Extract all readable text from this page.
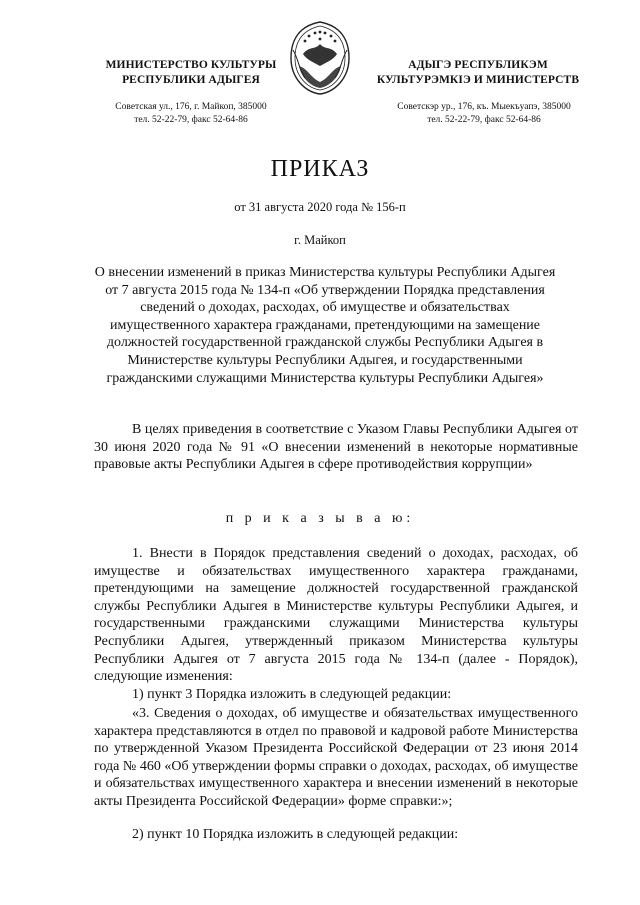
МИНИСТЕРСТВО КУЛЬТУРЫ
РЕСПУБЛИКИ АДЫГЕЯ
АДЫГЭ РЕСПУБЛИКЭМ
КУЛЬТУРЭМКIЭ И МИНИСТЕРСТВ
Советская ул., 176, г. Майкоп, 385000
тел. 52-22-79, факс 52-64-86
Советскэр ур., 176, къ. Мыекъуапэ, 385000
тел. 52-22-79, факс 52-64-86
ПРИКАЗ
от 31 августа 2020 года № 156-п
г. Майкоп
О внесении изменений в приказ Министерства культуры Республики Адыгея от 7 августа 2015 года № 134-п «Об утверждении Порядка представления сведений о доходах, расходах, об имуществе и обязательствах имущественного характера гражданами, претендующими на замещение должностей государственной гражданской службы Республики Адыгея в Министерстве культуры Республики Адыгея, и государственными гражданскими служащими Министерства культуры Республики Адыгея»
В целях приведения в соответствие с Указом Главы Республики Адыгея от 30 июня 2020 года № 91 «О внесении изменений в некоторые нормативные правовые акты Республики Адыгея в сфере противодействия коррупции»
п р и к а з ы в а ю:
1. Внести в Порядок представления сведений о доходах, расходах, об имуществе и обязательствах имущественного характера гражданами, претендующими на замещение должностей государственной гражданской службы Республики Адыгея в Министерстве культуры Республики Адыгея, и государственными гражданскими служащими Министерства культуры Республики Адыгея, утвержденный приказом Министерства культуры Республики Адыгея от 7 августа 2015 года № 134-п (далее - Порядок), следующие изменения:
1) пункт 3 Порядка изложить в следующей редакции:
«3. Сведения о доходах, об имуществе и обязательствах имущественного характера представляются в отдел по правовой и кадровой работе Министерства по утвержденной Указом Президента Российской Федерации от 23 июня 2014 года № 460 «Об утверждении формы справки о доходах, расходах, об имуществе и обязательствах имущественного характера и внесении изменений в некоторые акты Президента Российской Федерации» форме справки:»;
2) пункт 10 Порядка изложить в следующей редакции:
